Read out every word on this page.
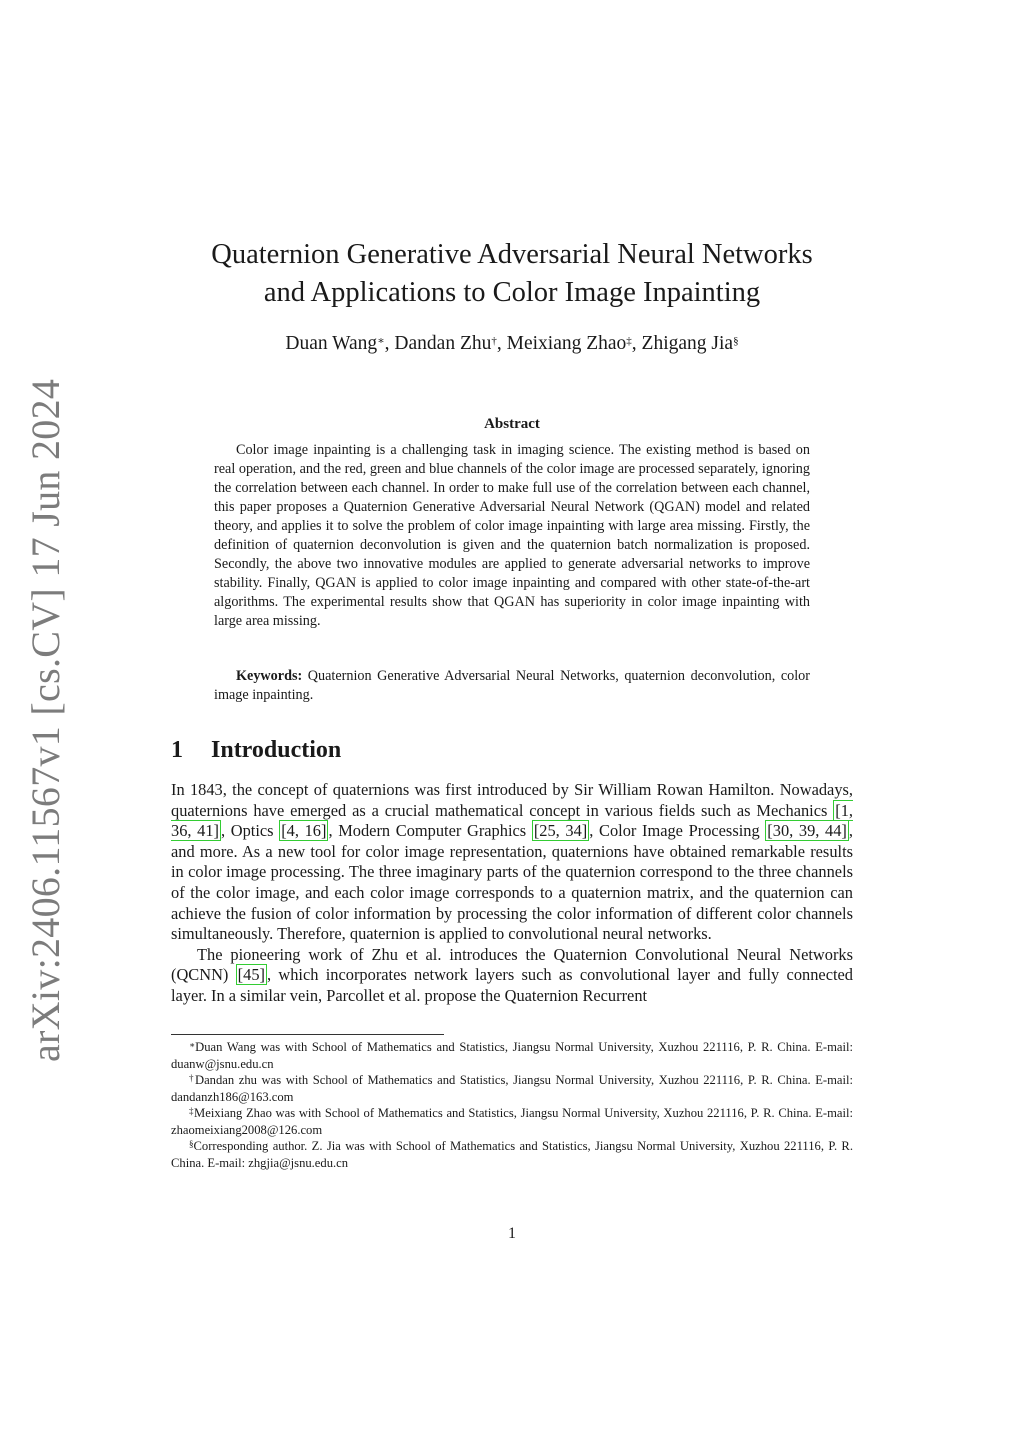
arXiv:2406.11567v1 [cs.CV] 17 Jun 2024
Quaternion Generative Adversarial Neural Networks
and Applications to Color Image Inpainting
Duan Wang∗, Dandan Zhu†, Meixiang Zhao‡, Zhigang Jia§
Abstract
Color image inpainting is a challenging task in imaging science. The existing method is based on real operation, and the red, green and blue channels of the color image are processed separately, ignoring the correlation between each channel. In order to make full use of the correlation between each channel, this paper proposes a Quaternion Generative Adversarial Neural Network (QGAN) model and related theory, and applies it to solve the problem of color image inpainting with large area missing. Firstly, the definition of quaternion deconvolution is given and the quaternion batch normalization is proposed. Secondly, the above two innovative modules are applied to generate adversarial networks to improve stability. Finally, QGAN is applied to color image inpainting and compared with other state-of-the-art algorithms. The experimental results show that QGAN has superiority in color image inpainting with large area missing.
Keywords: Quaternion Generative Adversarial Neural Networks, quaternion deconvolution, color image inpainting.
1 Introduction

In 1843, the concept of quaternions was first introduced by Sir William Rowan Hamilton. Nowadays, quaternions have emerged as a crucial mathematical concept in various fields such as Mechanics [1, 36, 41] , Optics [4, 16] , Modern Computer Graphics [25, 34] , Color Image Processing [30, 39, 44] , and more. As a new tool for color image representation, quaternions have obtained remarkable results in color image processing. The three imaginary parts of the quaternion correspond to the three channels of the color image, and each color image corresponds to a quaternion matrix, and the quaternion can achieve the fusion of color information by processing the color information of different color channels simultaneously. Therefore, quaternion is applied to convolutional neural networks.

The pioneering work of Zhu et al. introduces the Quaternion Convolutional Neural Networks (QCNN) [45] , which incorporates network layers such as convolutional layer and fully connected layer. In a similar vein, Parcollet et al. propose the Quaternion Recurrent

∗Duan Wang was with School of Mathematics and Statistics, Jiangsu Normal University, Xuzhou 221116, P. R. China. E-mail: duanw@jsnu.edu.cn

†Dandan zhu was with School of Mathematics and Statistics, Jiangsu Normal University, Xuzhou 221116, P. R. China. E-mail: dandanzh186@163.com

‡Meixiang Zhao was with School of Mathematics and Statistics, Jiangsu Normal University, Xuzhou 221116, P. R. China. E-mail: zhaomeixiang2008@126.com

§Corresponding author. Z. Jia was with School of Mathematics and Statistics, Jiangsu Normal University, Xuzhou 221116, P. R. China. E-mail: zhgjia@jsnu.edu.cn

1
